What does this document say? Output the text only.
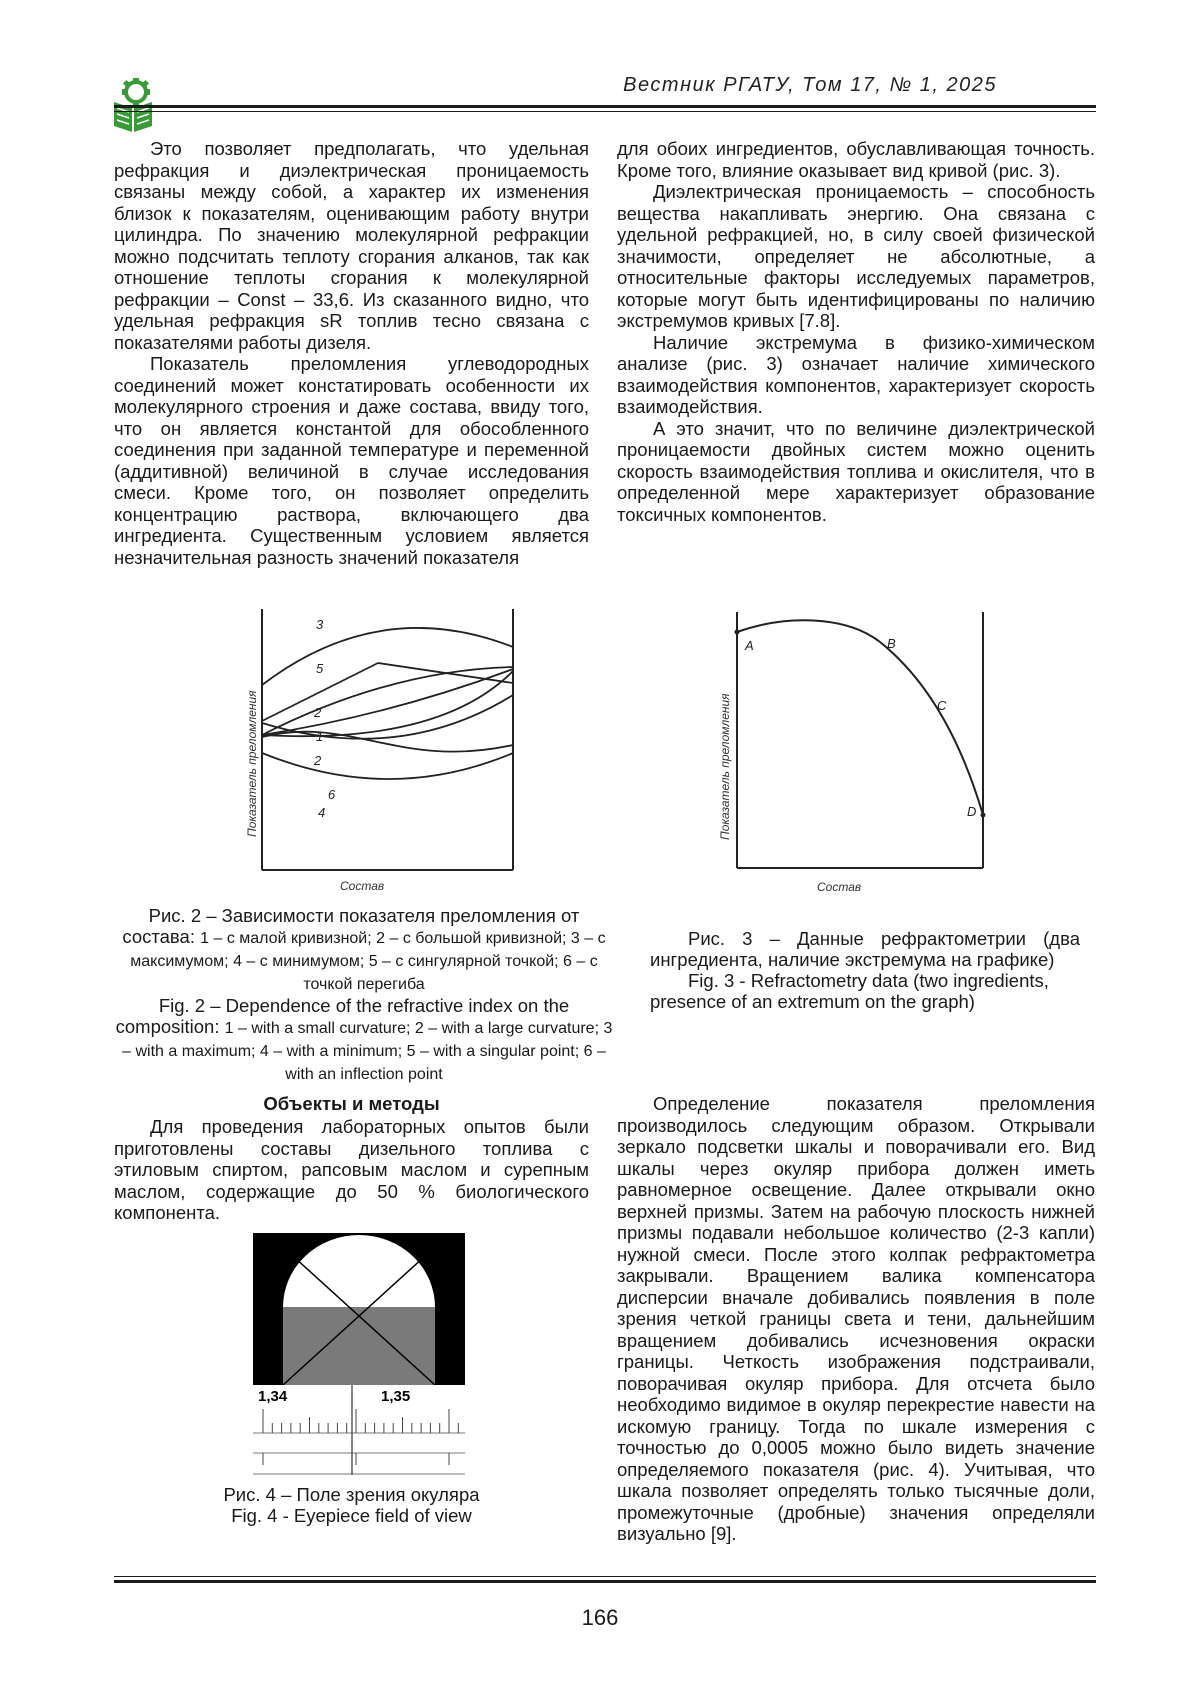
Вестник РГАТУ, Том 17, № 1, 2025

Это позволяет предполагать, что удельная рефракция и диэлектрическая проницаемость связаны между собой, а характер их изменения близок к показателям, оценивающим работу внутри цилиндра. По значению молекулярной рефракции можно подсчитать теплоту сгорания алканов, так как отношение теплоты сгорания к молекулярной рефракции – Const – 33,6. Из сказанного видно, что удельная рефракция sR топлив тесно связана с показателями работы дизеля.

Показатель преломления углеводородных соединений может констатировать особенности их молекулярного строения и даже состава, ввиду того, что он является константой для обособленного соединения при заданной температуре и переменной (аддитивной) величиной в случае исследования смеси. Кроме того, он позволяет определить концентрацию раствора, включающего два ингредиента. Существенным условием является незначительная разность значений показателя

для обоих ингредиентов, обуславливающая точность. Кроме того, влияние оказывает вид кривой (рис. 3).

Диэлектрическая проницаемость – способность вещества накапливать энергию. Она связана с удельной рефракцией, но, в силу своей физической значимости, определяет не абсолютные, а относительные факторы исследуемых параметров, которые могут быть идентифицированы по наличию экстремумов кривых [7.8].

Наличие экстремума в физико-химическом анализе (рис. 3) означает наличие химического взаимодействия компонентов, характеризует скорость взаимодействия.

А это значит, что по величине диэлектрической проницаемости двойных систем можно оценить скорость взаимодействия топлива и окислителя, что в определенной мере характеризует образование токсичных компонентов.

3
5
2
1
2
6
4
Показатель преломления
Состав
A	B
C
D
Показатель преломления
Состав

Рис. 2 – Зависимости показателя преломления от состава: 1 – с малой кривизной; 2 – с большой кривизной; 3 – с максимумом; 4 – с минимумом; 5 – с сингулярной точкой; 6 – с точкой перегиба

Fig. 2 – Dependence of the refractive index on the composition: 1 – with a small curvature; 2 – with a large curvature; 3 – with a maximum; 4 – with a minimum; 5 – with a singular point; 6 – with an inflection point

Рис. 3 – Данные рефрактометрии (два ингредиента, наличие экстремума на графике)

Fig. 3 - Refractometry data (two ingredients, presence of an extremum on the graph)

Объекты и методы

Для проведения лабораторных опытов были приготовлены составы дизельного топлива с этиловым спиртом, рапсовым маслом и сурепным маслом, содержащие до 50 % биологического компонента.

1,34	1,35

Рис. 4 – Поле зрения окуляра

Fig. 4 - Eyepiece field of view

Определение показателя преломления производилось следующим образом. Открывали зеркало подсветки шкалы и поворачивали его. Вид шкалы через окуляр прибора должен иметь равномерное освещение. Далее открывали окно верхней призмы. Затем на рабочую плоскость нижней призмы подавали небольшое количество (2-3 капли) нужной смеси. После этого колпак рефрактометра закрывали. Вращением валика компенсатора дисперсии вначале добивались появления в поле зрения четкой границы света и тени, дальнейшим вращением добивались исчезновения окраски границы. Четкость изображения подстраивали, поворачивая окуляр прибора. Для отсчета было необходимо видимое в окуляр перекрестие навести на искомую границу. Тогда по шкале измерения с точностью до 0,0005 можно было видеть значение определяемого показателя (рис. 4). Учитывая, что шкала позволяет определять только тысячные доли, промежуточные (дробные) значения определяли визуально [9].

166
